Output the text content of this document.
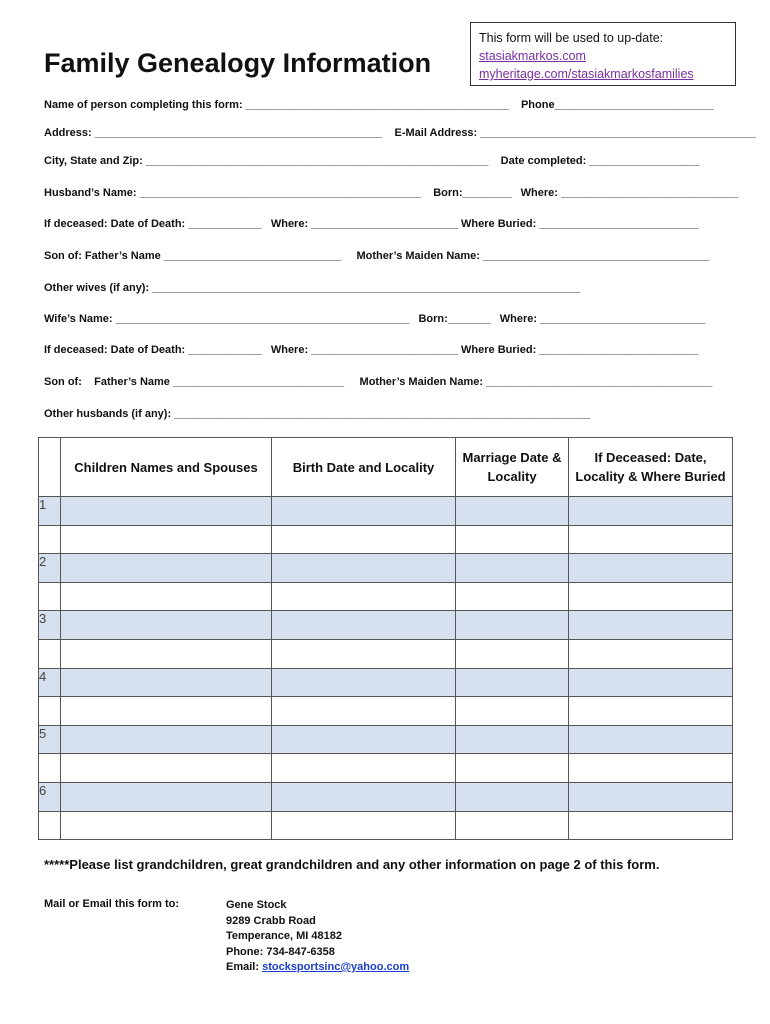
Family Genealogy Information
This form will be used to up-date:
stasiakmarkos.com
myheritage.com/stasiakmarkosfamilies
Name of person completing this form: ___________________________________________    Phone__________________________
Address: _______________________________________________    E-Mail Address: _____________________________________________
City, State and Zip: ________________________________________________________    Date completed: __________________
Husband’s Name: ______________________________________________    Born:________   Where: _____________________________
If deceased: Date of Death: ____________   Where: ________________________ Where Buried: __________________________
Son of: Father’s Name _____________________________     Mother’s Maiden Name: _____________________________________
Other wives (if any): ______________________________________________________________________
Wife’s Name: ________________________________________________   Born:_______   Where: ___________________________
If deceased: Date of Death: ____________   Where: ________________________ Where Buried: __________________________
Son of:    Father’s Name ____________________________     Mother’s Maiden Name: _____________________________________
Other husbands (if any): ____________________________________________________________________
	Children Names and Spouses	Birth Date and Locality	Marriage Date & Locality	If Deceased: Date, Locality & Where Buried
1				

2				

3				

4				

5				

6				

*****Please list grandchildren, great grandchildren and any other information on page 2 of this form.
Mail or Email this form to:	Gene Stock
9289 Crabb Road
Temperance, MI 48182
Phone: 734-847-6358
Email: stocksportsinc@yahoo.com
